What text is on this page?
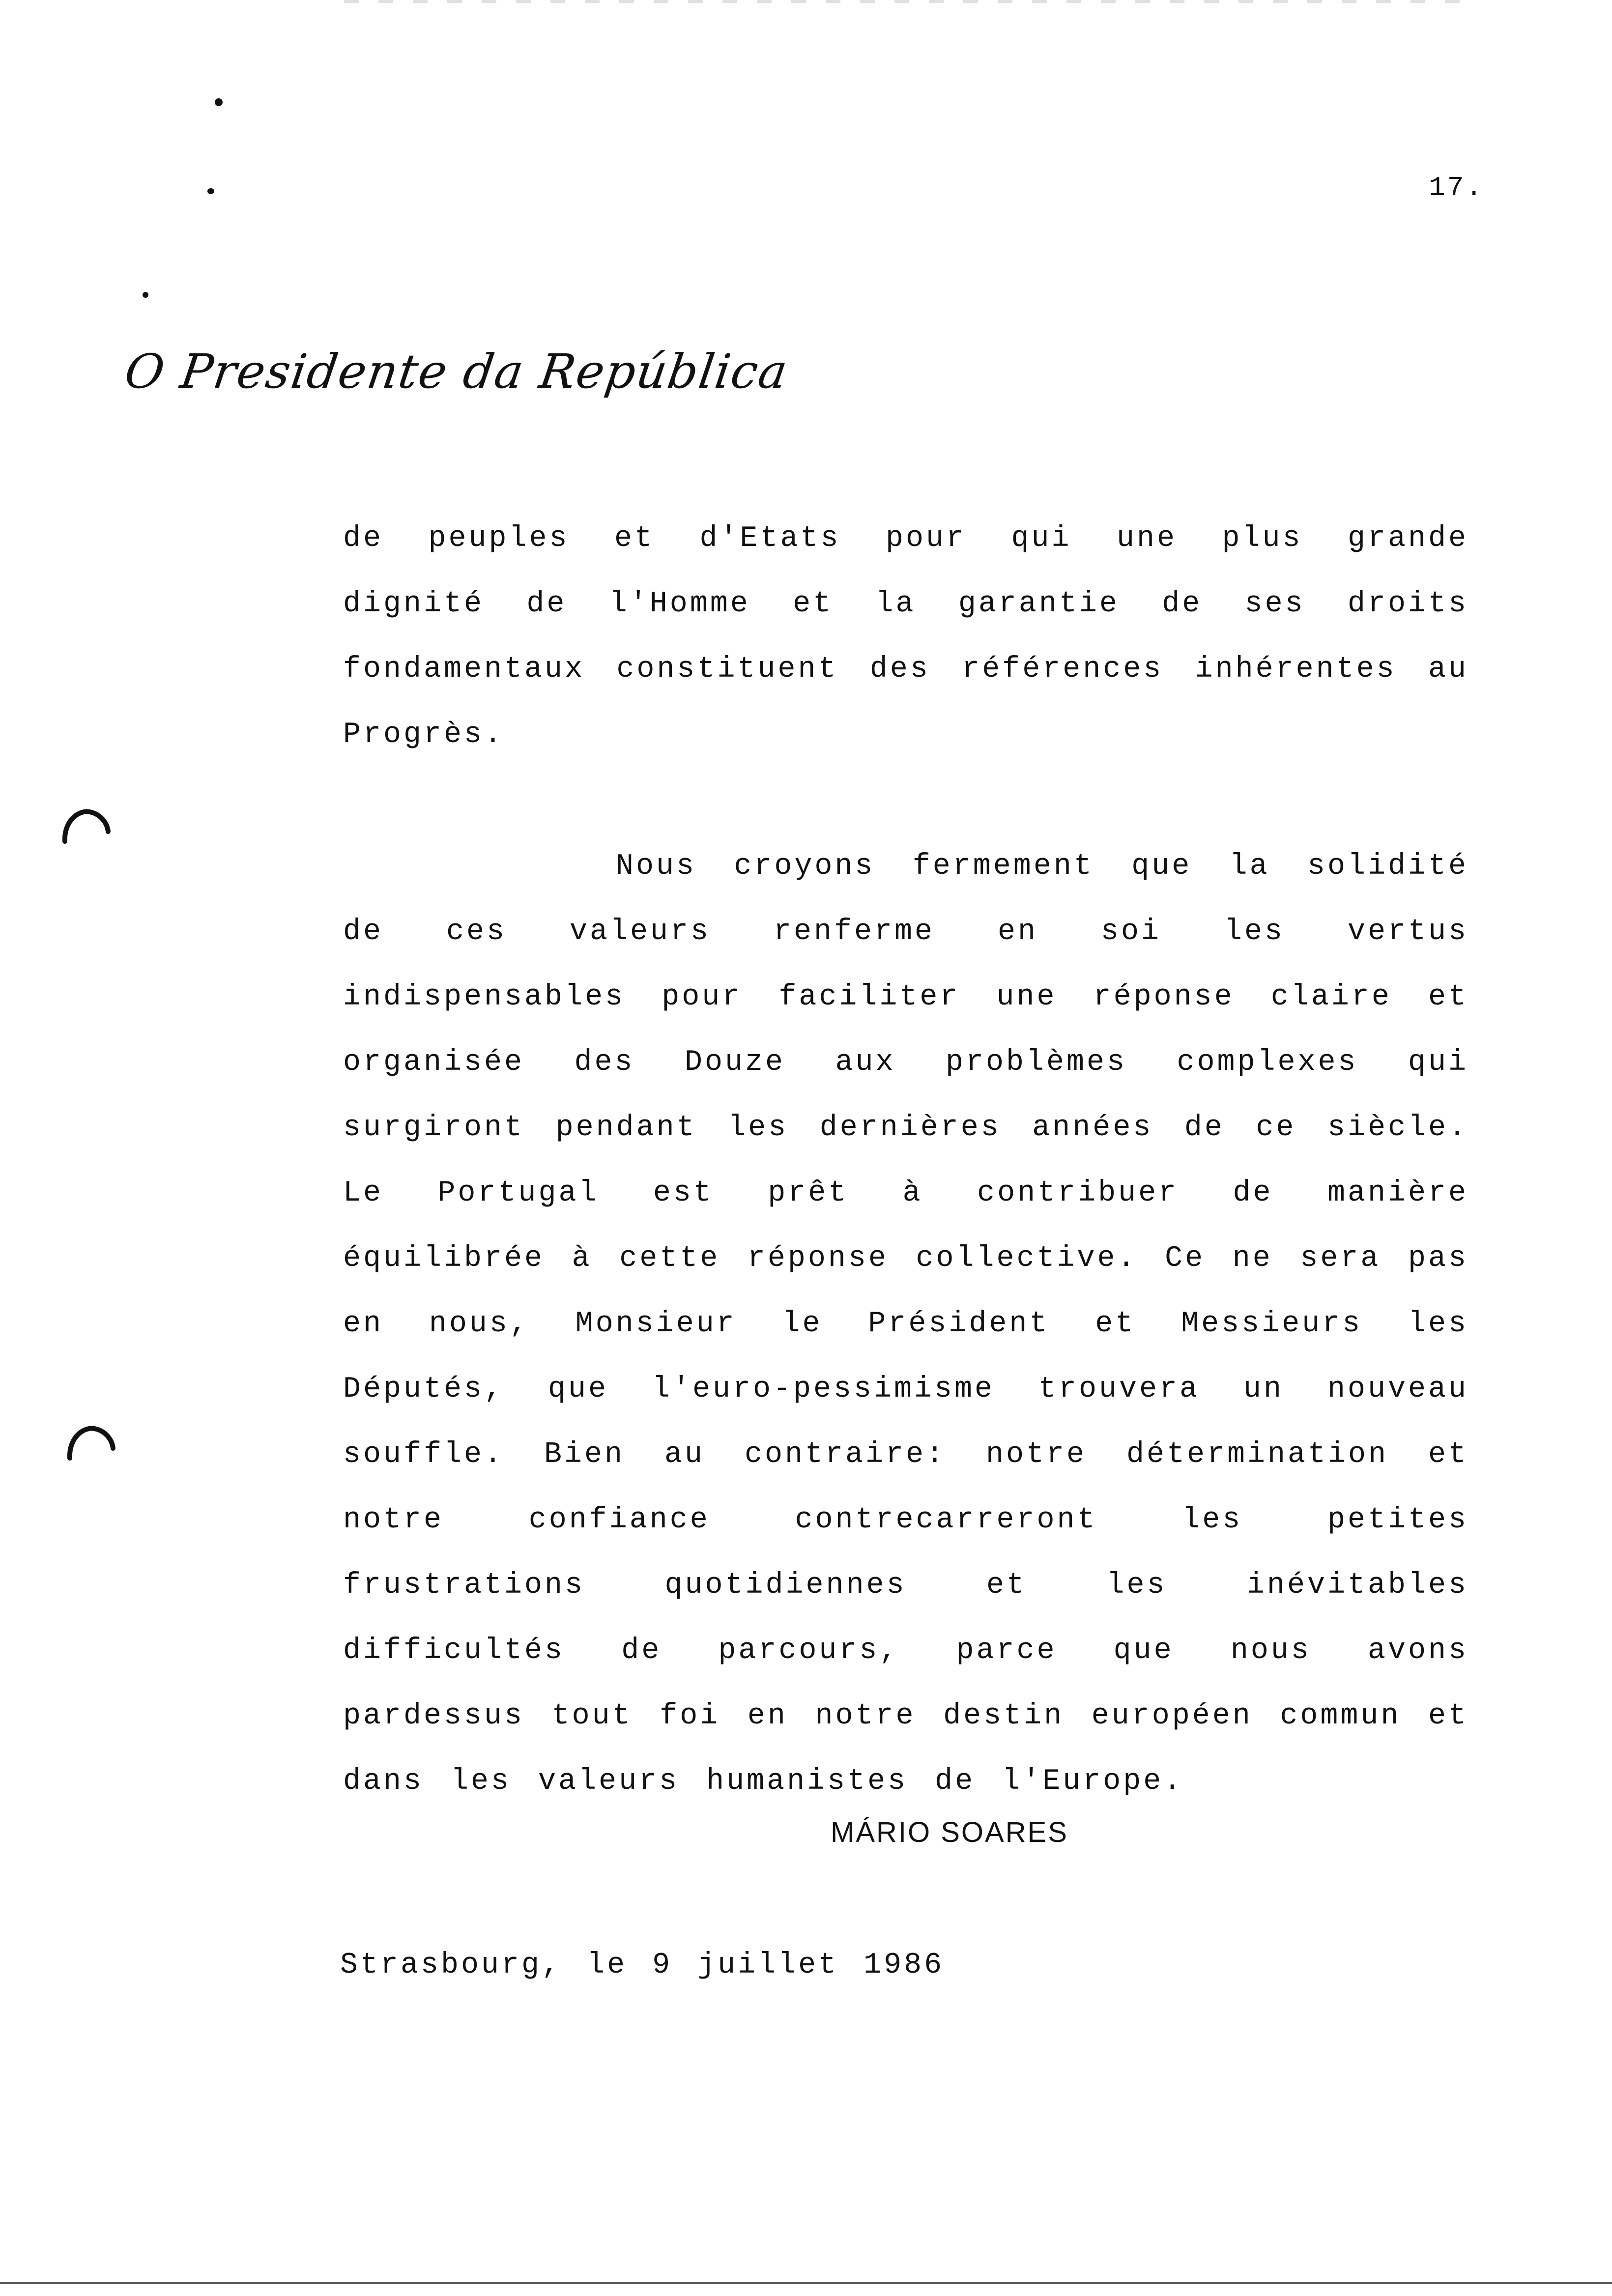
17.
O Presidente da República

de peuples et d'Etats pour qui une plus grande dignité de l'Homme et la garantie de ses droits fondamentaux constituent des références inhérentes au Progrès.

Nous croyons fermement que la solidité de ces valeurs renferme en soi les vertus indispensables pour faciliter une réponse claire et organisée des Douze aux problèmes complexes qui surgiront pendant les dernières années de ce siècle. Le Portugal est prêt à contribuer de manière équilibrée à cette réponse collective. Ce ne sera pas en nous, Monsieur le Président et Messieurs les Députés, que l'euro-pessimisme trouvera un nouveau souffle. Bien au contraire: notre détermination et notre confiance contrecarreront les petites frustrations quotidiennes et les inévitables difficultés de parcours, parce que nous avons pardessus tout foi en notre destin européen commun et dans les valeurs humanistes de l'Europe.

MÁRIO SOARES
Strasbourg, le 9 juillet 1986
